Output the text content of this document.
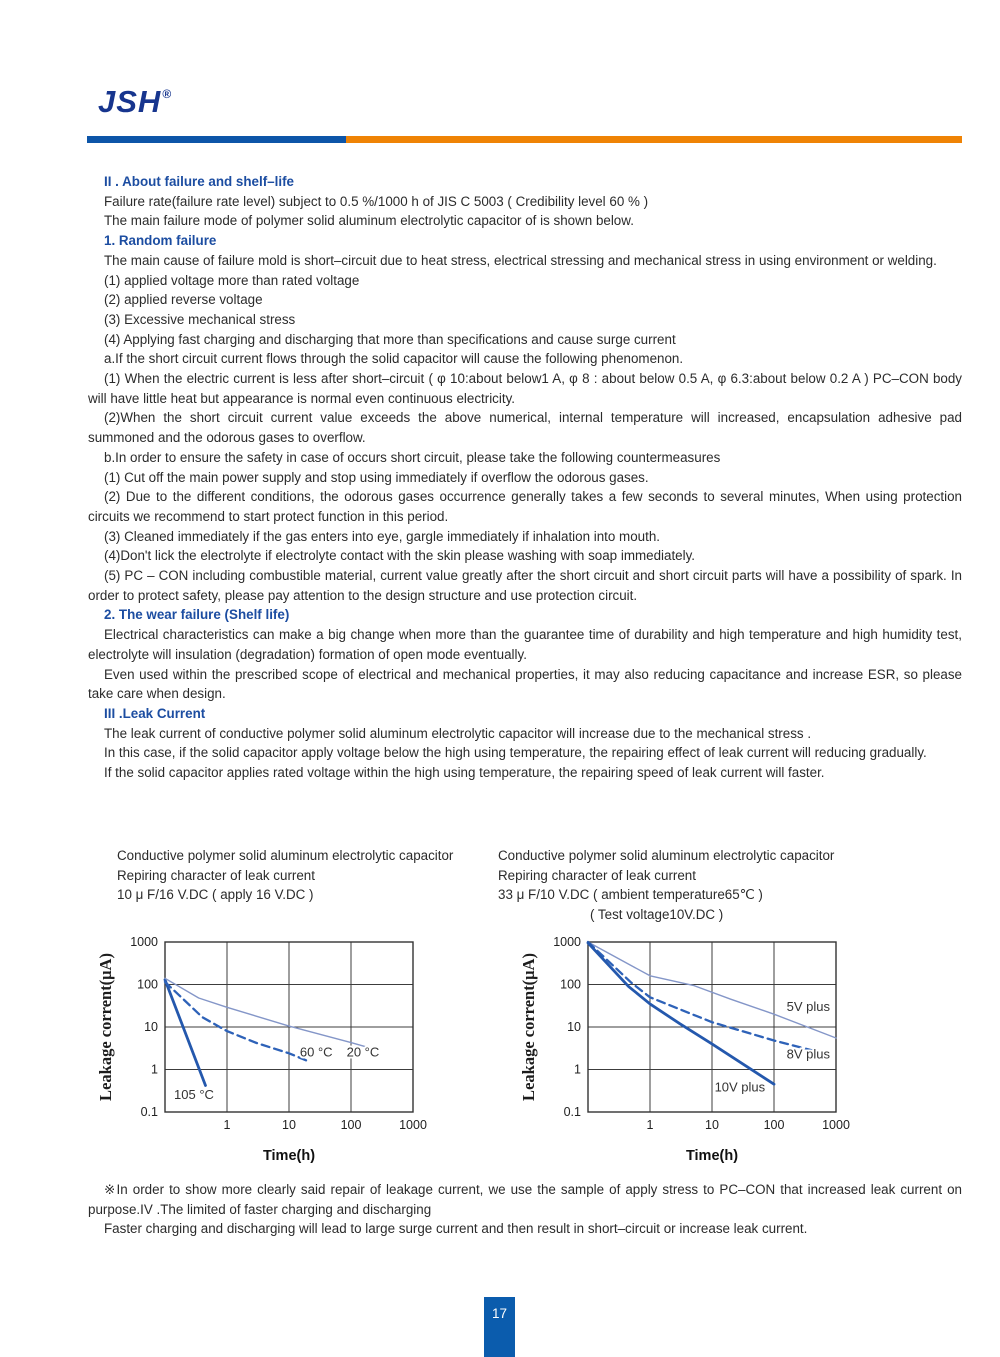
JSH®

II . About failure and shelf–life

Failure rate(failure rate level) subject to 0.5 %/1000 h of JIS C 5003 ( Credibility level 60 % )

The main failure mode of polymer solid aluminum electrolytic capacitor of is shown below.

1. Random failure

The main cause of failure mold is short–circuit due to heat stress, electrical stressing and mechanical stress in using environment or welding.

(1) applied voltage more than rated voltage

(2) applied reverse voltage

(3) Excessive mechanical stress

(4) Applying fast charging and discharging that more than specifications and cause surge current

a.If the short circuit current flows through the solid capacitor will cause the following phenomenon.

(1) When the electric current is less after short–circuit ( φ 10:about below1 A, φ 8 : about below 0.5 A, φ 6.3:about below 0.2 A ) PC–CON body will have little heat but appearance is normal even continuous electricity.

(2)When the short circuit current value exceeds the above numerical, internal temperature will increased, encapsulation adhesive pad summoned and the odorous gases to overflow.

b.In order to ensure the safety in case of occurs short circuit, please take the following countermeasures

(1) Cut off the main power supply and stop using immediately if overflow the odorous gases.

(2) Due to the different conditions, the odorous gases occurrence generally takes a few seconds to several minutes, When using protection circuits we recommend to start protect function in this period.

(3) Cleaned immediately if the gas enters into eye, gargle immediately if inhalation into mouth.

(4)Don't lick the electrolyte if electrolyte contact with the skin please washing with soap immediately.

(5) PC – CON including combustible material, current value greatly after the short circuit and short circuit parts will have a possibility of spark. In order to protect safety, please pay attention to the design structure and use protection circuit.

2. The wear failure (Shelf life)

Electrical characteristics can make a big change when more than the guarantee time of durability and high temperature and high humidity test, electrolyte will insulation (degradation) formation of open mode eventually.

Even used within the prescribed scope of electrical and mechanical properties, it may also reducing capacitance and increase ESR, so please take care when design.

III .Leak Current

The leak current of conductive polymer solid aluminum electrolytic capacitor will increase due to the mechanical stress .

In this case, if the solid capacitor apply voltage below the high using temperature, the repairing effect of leak current will reducing gradually.

If the solid capacitor applies rated voltage within the high using temperature, the repairing speed of leak current will faster.

Conductive polymer solid aluminum electrolytic capacitor
Repiring character of leak current
10 μ F/16 V.DC ( apply 16 V.DC )
Conductive polymer solid aluminum electrolytic capacitor
Repiring character of leak current
33 μ F/10 V.DC ( ambient temperature65℃ )
( Test voltage10V.DC )
1	10	100	1000
1000
100
10
1
0.1
Leakage corrent(μA)
Time(h)
105 °C
60 °C 20 °C
1	10	100	1000
1000
100
10
1
0.1
Leakage corrent(μA)
Time(h)
5V plus
8V plus
10V plus

※In order to show more clearly said repair of leakage current, we use the sample of apply stress to PC–CON that increased leak current on purpose.IV .The limited of faster charging and discharging

Faster charging and discharging will lead to large surge current and then result in short–circuit or increase leak current.

17
